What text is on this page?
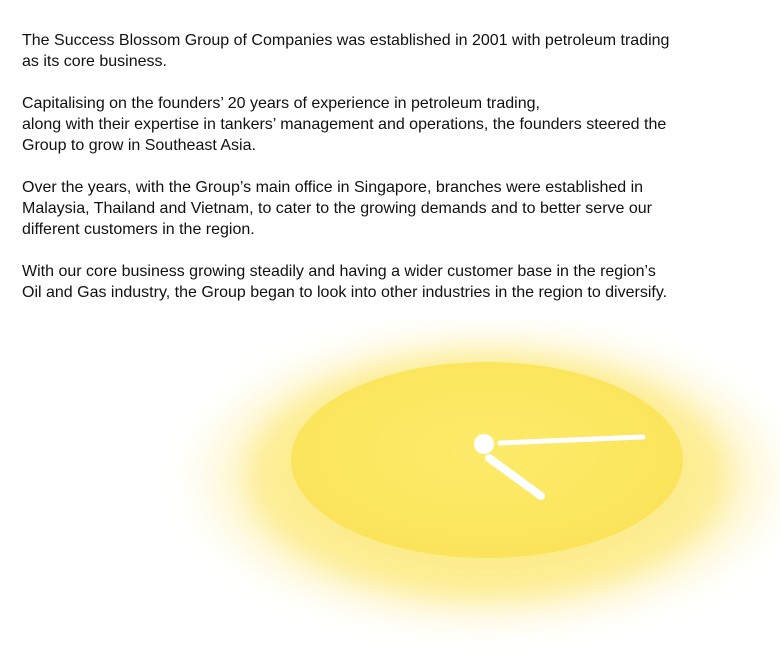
The Success Blossom Group of Companies was established in 2001 with petroleum trading
as its core business.

Capitalising on the founders’ 20 years of experience in petroleum trading,
along with their expertise in tankers’ management and operations, the founders steered the
Group to grow in Southeast Asia.

Over the years, with the Group’s main office in Singapore, branches were established in
Malaysia, Thailand and Vietnam, to cater to the growing demands and to better serve our
different customers in the region.

With our core business growing steadily and having a wider customer base in the region’s
Oil and Gas industry, the Group began to look into other industries in the region to diversify.
